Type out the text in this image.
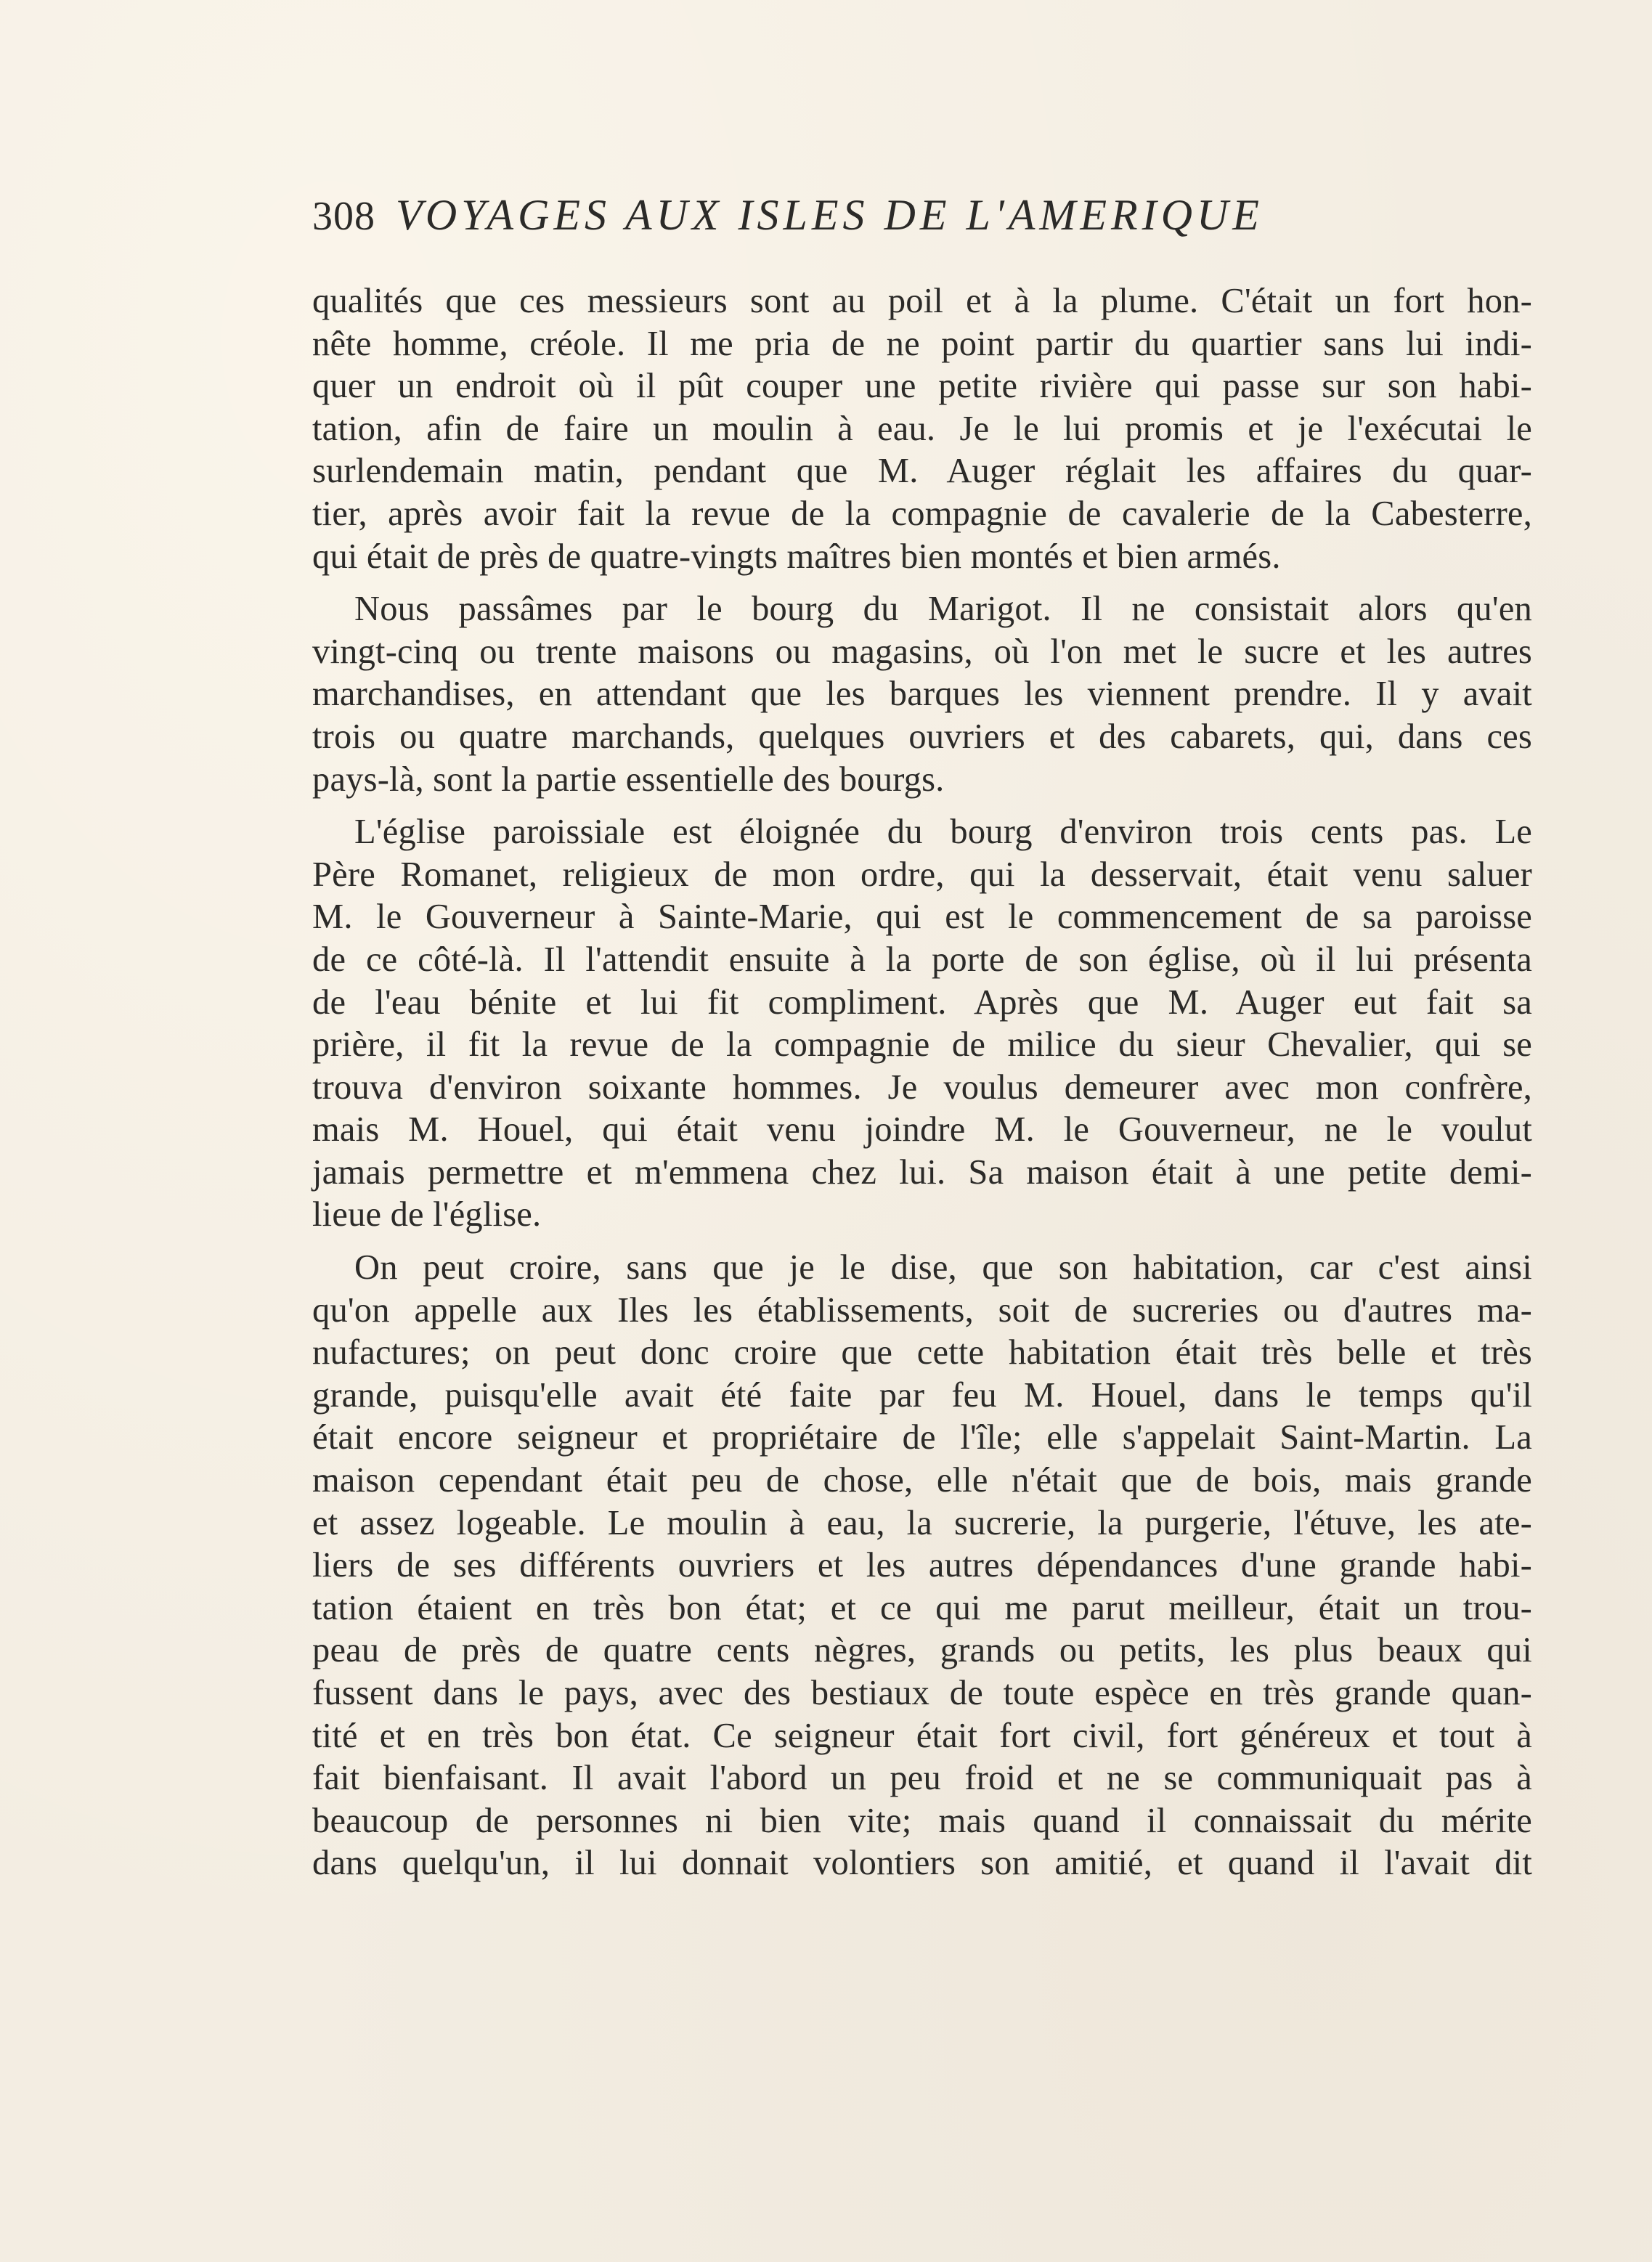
308 VOYAGES AUX ISLES DE L'AMERIQUE

qualités que ces messieurs sont au poil et à la plume. C'était un fort hon-
nête homme, créole. Il me pria de ne point partir du quartier sans lui indi-
quer un endroit où il pût couper une petite rivière qui passe sur son habi-
tation, afin de faire un moulin à eau. Je le lui promis et je l'exécutai le
surlendemain matin, pendant que M. Auger réglait les affaires du quar-
tier, après avoir fait la revue de la compagnie de cavalerie de la Cabesterre,
qui était de près de quatre-vingts maîtres bien montés et bien armés.

Nous passâmes par le bourg du Marigot. Il ne consistait alors qu'en
vingt-cinq ou trente maisons ou magasins, où l'on met le sucre et les autres
marchandises, en attendant que les barques les viennent prendre. Il y avait
trois ou quatre marchands, quelques ouvriers et des cabarets, qui, dans ces
pays-là, sont la partie essentielle des bourgs.

L'église paroissiale est éloignée du bourg d'environ trois cents pas. Le
Père Romanet, religieux de mon ordre, qui la desservait, était venu saluer
M. le Gouverneur à Sainte-Marie, qui est le commencement de sa paroisse
de ce côté-là. Il l'attendit ensuite à la porte de son église, où il lui présenta
de l'eau bénite et lui fit compliment. Après que M. Auger eut fait sa
prière, il fit la revue de la compagnie de milice du sieur Chevalier, qui se
trouva d'environ soixante hommes. Je voulus demeurer avec mon confrère,
mais M. Houel, qui était venu joindre M. le Gouverneur, ne le voulut
jamais permettre et m'emmena chez lui. Sa maison était à une petite demi-
lieue de l'église.

On peut croire, sans que je le dise, que son habitation, car c'est ainsi
qu'on appelle aux Iles les établissements, soit de sucreries ou d'autres ma-
nufactures; on peut donc croire que cette habitation était très belle et très
grande, puisqu'elle avait été faite par feu M. Houel, dans le temps qu'il
était encore seigneur et propriétaire de l'île; elle s'appelait Saint-Martin. La
maison cependant était peu de chose, elle n'était que de bois, mais grande
et assez logeable. Le moulin à eau, la sucrerie, la purgerie, l'étuve, les ate-
liers de ses différents ouvriers et les autres dépendances d'une grande habi-
tation étaient en très bon état; et ce qui me parut meilleur, était un trou-
peau de près de quatre cents nègres, grands ou petits, les plus beaux qui
fussent dans le pays, avec des bestiaux de toute espèce en très grande quan-
tité et en très bon état. Ce seigneur était fort civil, fort généreux et tout à
fait bienfaisant. Il avait l'abord un peu froid et ne se communiquait pas à
beaucoup de personnes ni bien vite; mais quand il connaissait du mérite
dans quelqu'un, il lui donnait volontiers son amitié, et quand il l'avait dit
